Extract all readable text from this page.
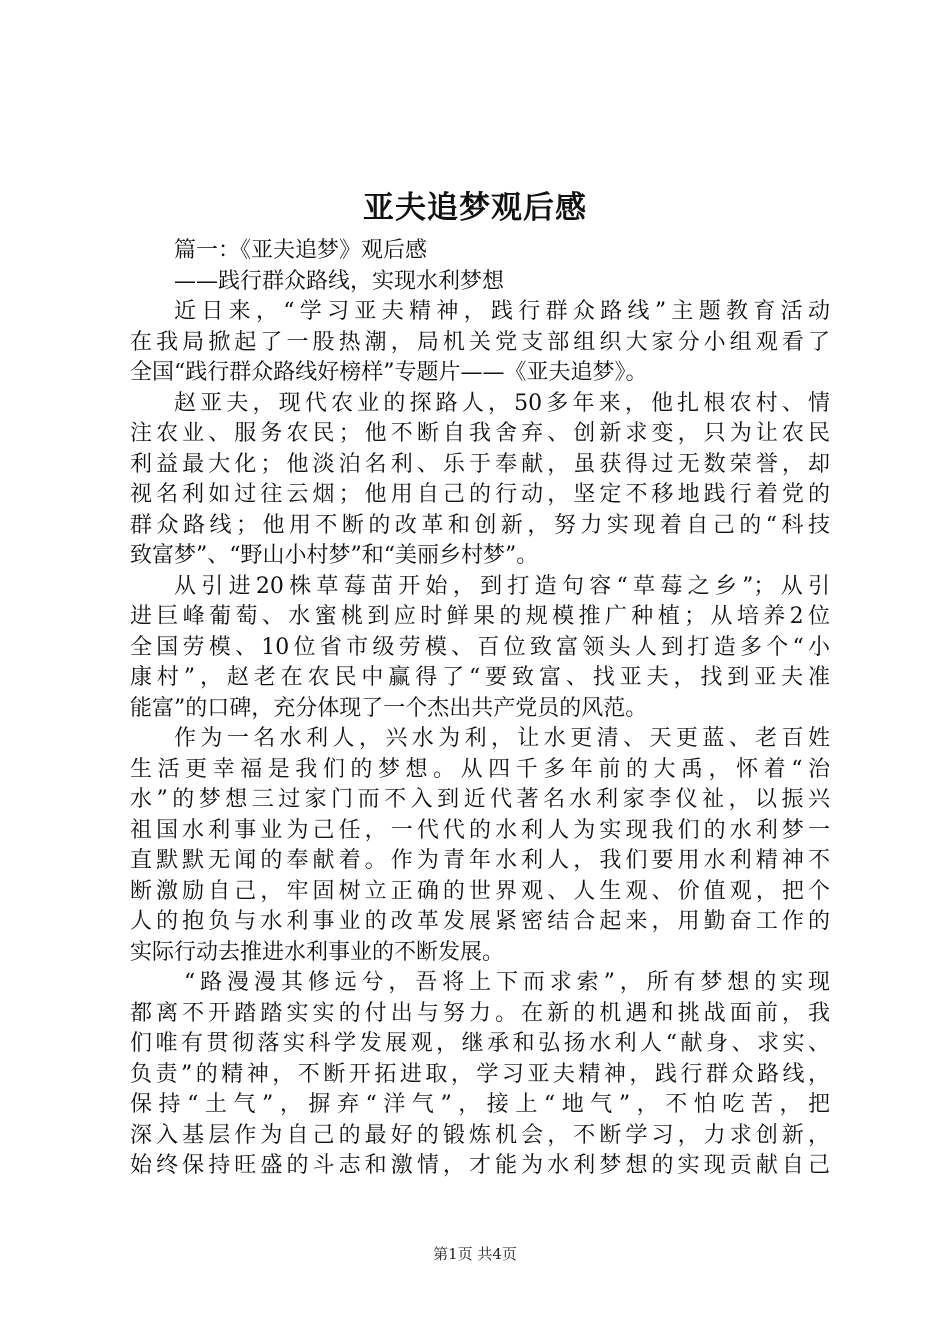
亚夫追梦观后感
篇一：《亚夫追梦》观后感
——践行群众路线，实现水利梦想
近日来，“学习亚夫精神，践行群众路线”主题教育活动
在我局掀起了一股热潮，局机关党支部组织大家分小组观看了
全国“践行群众路线好榜样”专题片——《亚夫追梦》。
赵亚夫，现代农业的探路人，50多年来，他扎根农村、情
注农业、服务农民；他不断自我舍弃、创新求变，只为让农民
利益最大化；他淡泊名利、乐于奉献，虽获得过无数荣誉，却
视名利如过往云烟；他用自己的行动，坚定不移地践行着党的
群众路线；他用不断的改革和创新，努力实现着自己的“科技
致富梦”、“野山小村梦”和“美丽乡村梦”。
从引进20株草莓苗开始，到打造句容“草莓之乡”；从引
进巨峰葡萄、水蜜桃到应时鲜果的规模推广种植；从培养2位
全国劳模、10位省市级劳模、百位致富领头人到打造多个“小
康村”，赵老在农民中赢得了“要致富、找亚夫，找到亚夫准
能富”的口碑，充分体现了一个杰出共产党员的风范。
作为一名水利人，兴水为利，让水更清、天更蓝、老百姓
生活更幸福是我们的梦想。从四千多年前的大禹，怀着“治
水”的梦想三过家门而不入到近代著名水利家李仪祉，以振兴
祖国水利事业为己任，一代代的水利人为实现我们的水利梦一
直默默无闻的奉献着。作为青年水利人，我们要用水利精神不
断激励自己，牢固树立正确的世界观、人生观、价值观，把个
人的抱负与水利事业的改革发展紧密结合起来，用勤奋工作的
实际行动去推进水利事业的不断发展。
“路漫漫其修远兮，吾将上下而求索”，所有梦想的实现
都离不开踏踏实实的付出与努力。在新的机遇和挑战面前，我
们唯有贯彻落实科学发展观，继承和弘扬水利人“献身、求实、
负责”的精神，不断开拓进取，学习亚夫精神，践行群众路线，
保持“土气”，摒弃“洋气”，接上“地气”，不怕吃苦，把
深入基层作为自己的最好的锻炼机会，不断学习，力求创新，
始终保持旺盛的斗志和激情，才能为水利梦想的实现贡献自己
第1页 共4页
